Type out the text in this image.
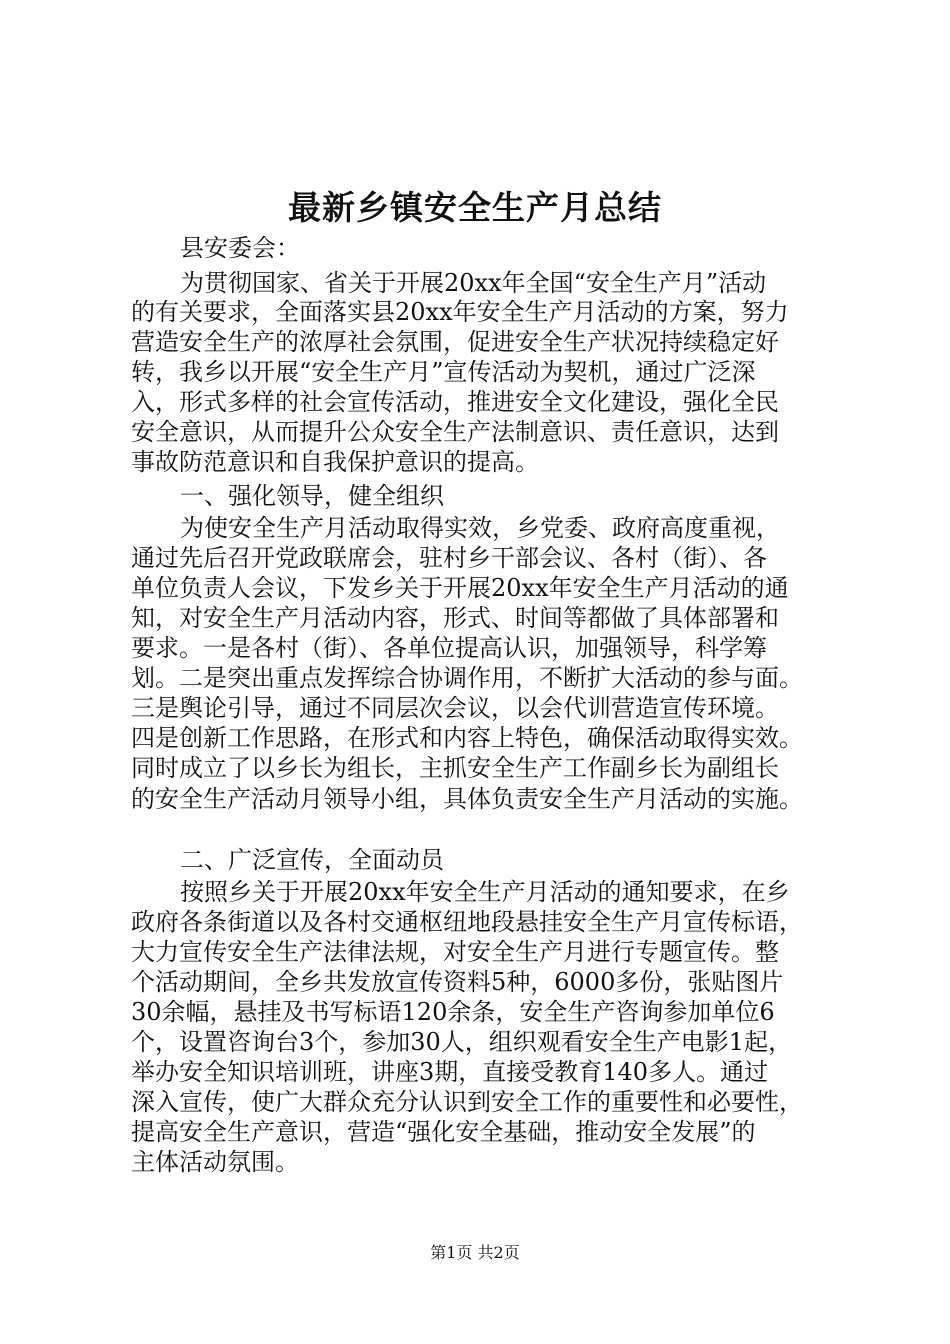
最新乡镇安全生产月总结
县安委会：
为贯彻国家、省关于开展20xx年全国“安全生产月”活动
的有关要求，全面落实县20xx年安全生产月活动的方案，努力
营造安全生产的浓厚社会氛围，促进安全生产状况持续稳定好
转，我乡以开展“安全生产月”宣传活动为契机，通过广泛深
入，形式多样的社会宣传活动，推进安全文化建设，强化全民
安全意识，从而提升公众安全生产法制意识、责任意识，达到
事故防范意识和自我保护意识的提高。
一、强化领导，健全组织
为使安全生产月活动取得实效，乡党委、政府高度重视，
通过先后召开党政联席会，驻村乡干部会议、各村（街）、各
单位负责人会议，下发乡关于开展20xx年安全生产月活动的通
知，对安全生产月活动内容，形式、时间等都做了具体部署和
要求。一是各村（街）、各单位提高认识，加强领导，科学筹
划。二是突出重点发挥综合协调作用，不断扩大活动的参与面。
三是舆论引导，通过不同层次会议，以会代训营造宣传环境。
四是创新工作思路，在形式和内容上特色，确保活动取得实效。
同时成立了以乡长为组长，主抓安全生产工作副乡长为副组长
的安全生产活动月领导小组，具体负责安全生产月活动的实施。
二、广泛宣传，全面动员
按照乡关于开展20xx年安全生产月活动的通知要求，在乡
政府各条街道以及各村交通枢纽地段悬挂安全生产月宣传标语，
大力宣传安全生产法律法规，对安全生产月进行专题宣传。整
个活动期间，全乡共发放宣传资料5种，6000多份，张贴图片
30余幅，悬挂及书写标语120余条，安全生产咨询参加单位6
个，设置咨询台3个，参加30人，组织观看安全生产电影1起，
举办安全知识培训班，讲座3期，直接受教育140多人。通过
深入宣传，使广大群众充分认识到安全工作的重要性和必要性，
提高安全生产意识，营造“强化安全基础，推动安全发展”的
主体活动氛围。
第1页 共2页
